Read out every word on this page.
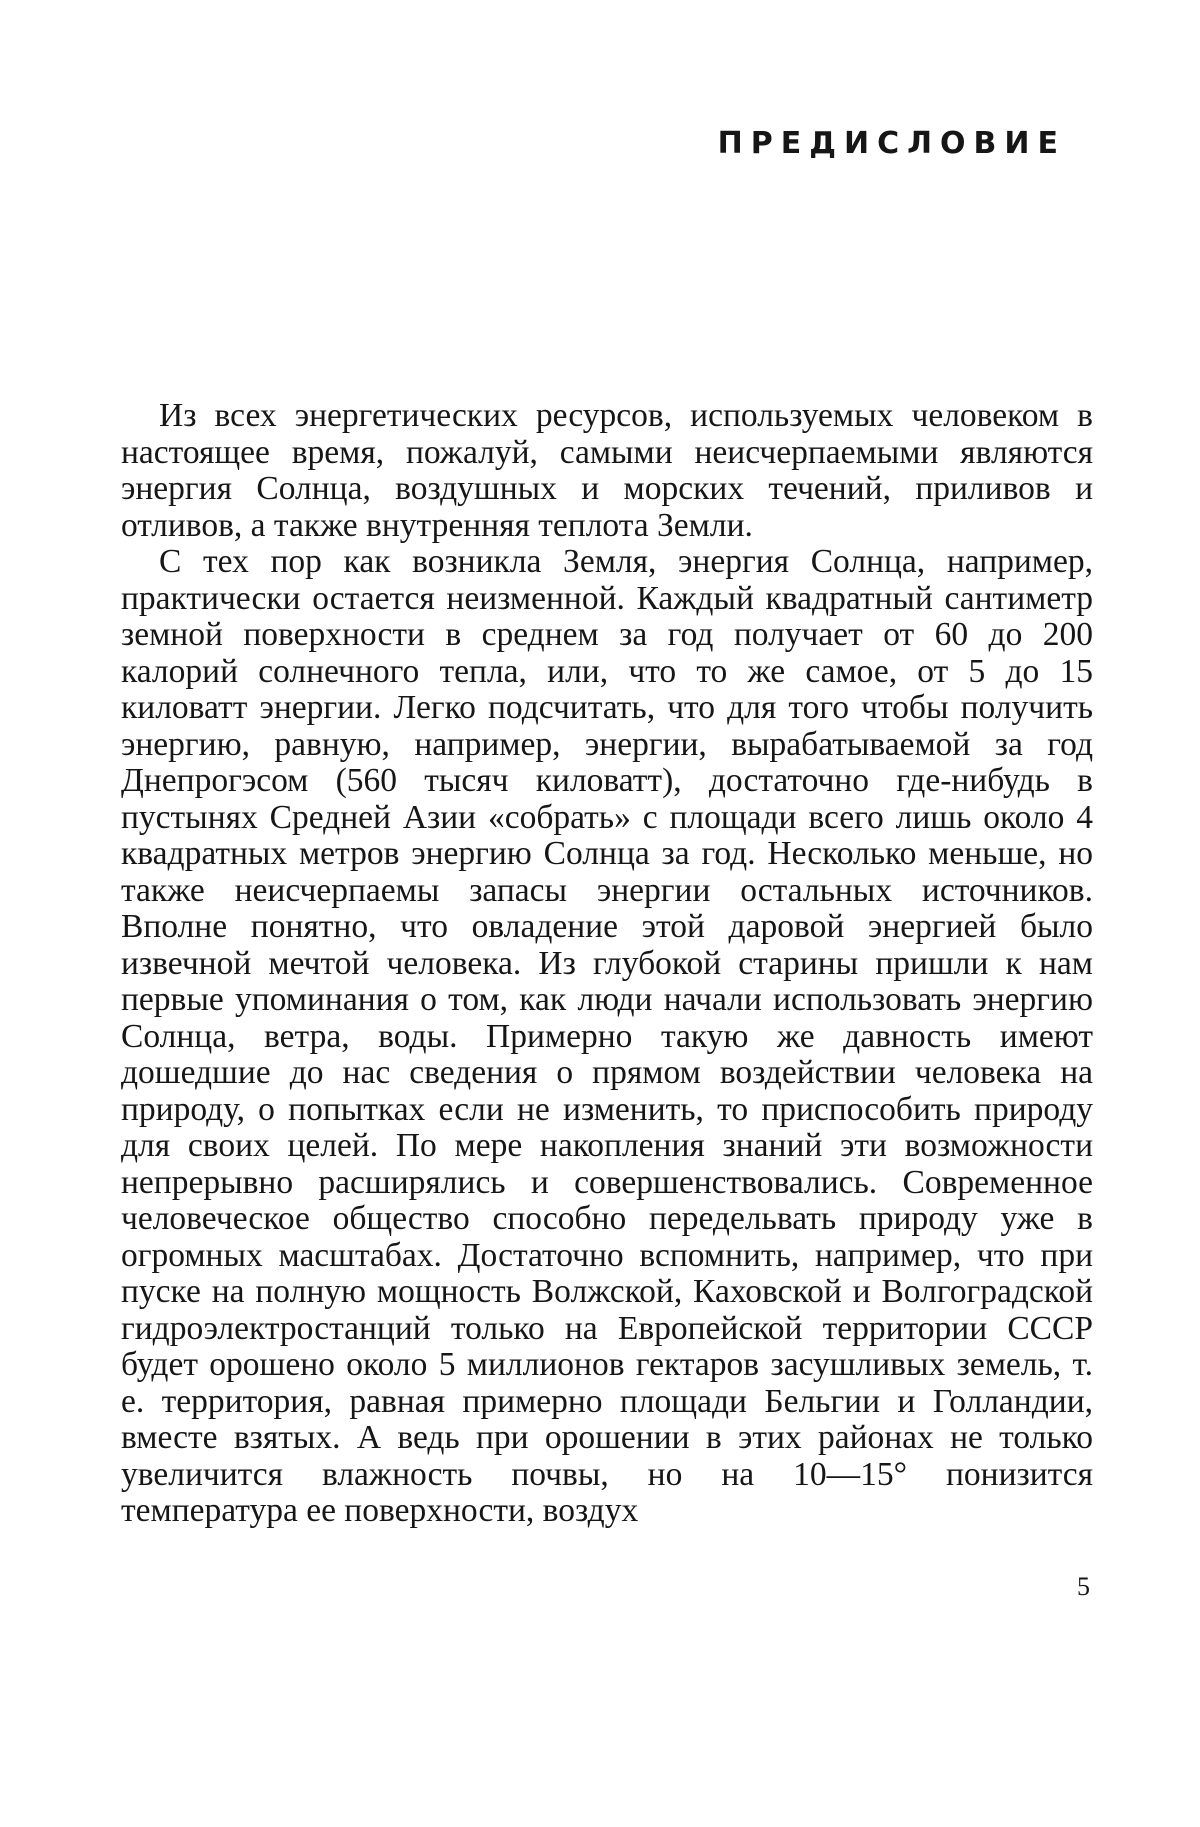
ПРЕДИСЛОВИЕ

Из всех энергетических ресурсов, используемых человеком в настоящее время, пожалуй, самыми неисчерпаемыми являются энергия Солнца, воздушных и морских течений, приливов и отливов, а также внутренняя теплота Земли.

С тех пор как возникла Земля, энергия Солнца, например, практически остается неизменной. Каждый квадратный сантиметр земной поверхности в среднем за год получает от 60 до 200 калорий солнечного тепла, или, что то же самое, от 5 до 15 киловатт энергии. Легко подсчитать, что для того чтобы получить энергию, равную, например, энергии, вырабатываемой за год Днепрогэсом (560 тысяч киловатт), достаточно где-нибудь в пустынях Средней Азии «собрать» с площади всего лишь около 4 квадратных метров энергию Солнца за год. Несколько меньше, но также неисчерпаемы запасы энергии остальных источников. Вполне понятно, что овладение этой даровой энергией было извечной мечтой человека. Из глубокой старины пришли к нам первые упоминания о том, как люди начали использовать энергию Солнца, ветра, воды. Примерно такую же давность имеют дошедшие до нас сведения о прямом воздействии человека на природу, о попытках если не изменить, то приспособить природу для своих целей. По мере накопления знаний эти возможности непрерывно расширялись и совершенствовались. Современное человеческое общество способно передельвать природу уже в огромных масштабах. Достаточно вспомнить, например, что при пуске на полную мощность Волжской, Каховской и Волгоградской гидроэлектростанций только на Европейской территории СССР будет орошено около 5 миллионов гектаров засушливых земель, т. е. территория, равная примерно площади Бельгии и Голландии, вместе взятых. А ведь при орошении в этих районах не только увеличится влажность почвы, но на 10—15° понизится температура ее поверхности, воздух

5
